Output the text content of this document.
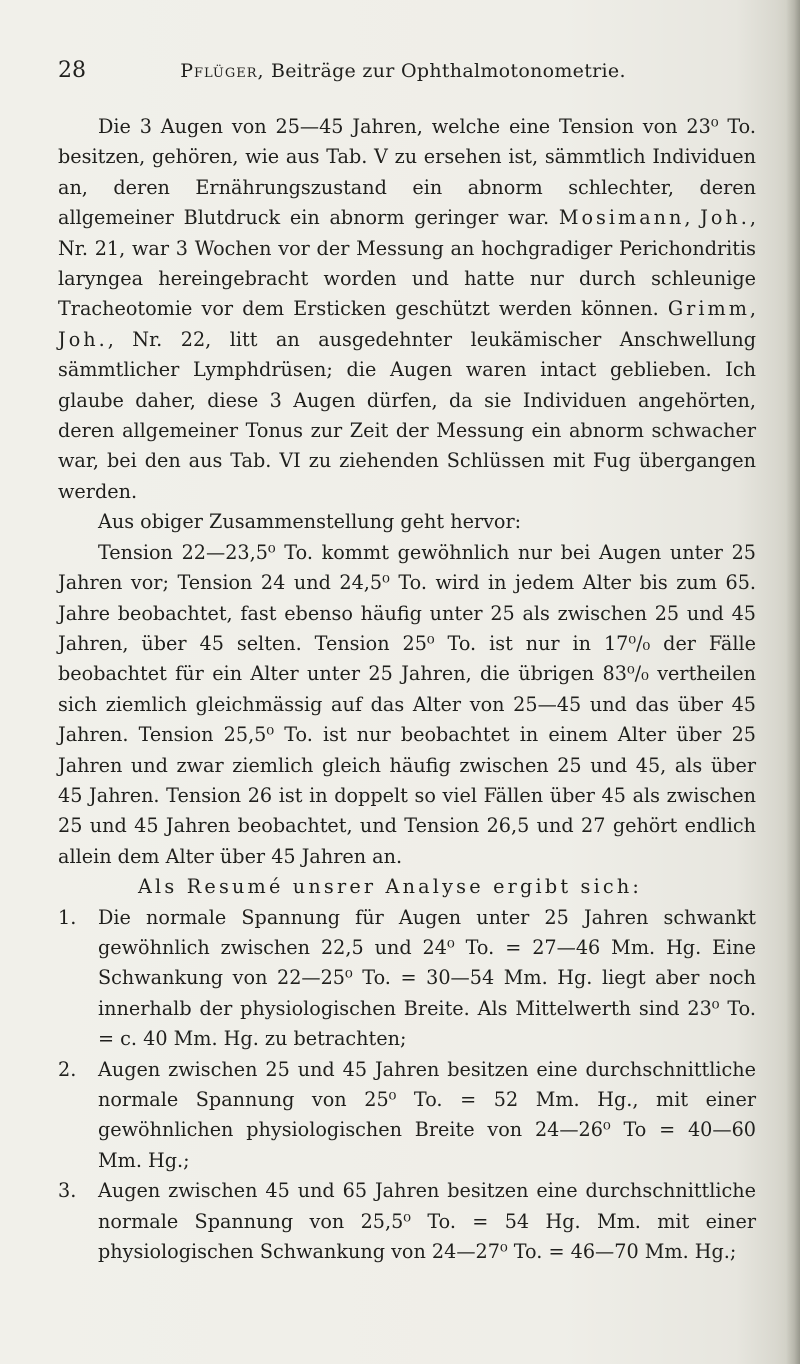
28	Pflüger, Beiträge zur Ophthalmotonometrie.

Die 3 Augen von 25—45 Jahren, welche eine Tension von 23⁰ To. besitzen, gehören, wie aus Tab. V zu ersehen ist, sämmtlich Individuen an, deren Ernährungszustand ein abnorm schlechter, deren allgemeiner Blutdruck ein abnorm geringer war. Mosimann, Joh., Nr. 21, war 3 Wochen vor der Messung an hochgradiger Perichondritis laryngea hereingebracht worden und hatte nur durch schleunige Tracheotomie vor dem Ersticken geschützt werden können. Grimm, Joh., Nr. 22, litt an ausgedehnter leukämischer Anschwellung sämmtlicher Lymphdrüsen; die Augen waren intact geblieben. Ich glaube daher, diese 3 Augen dürfen, da sie Individuen angehörten, deren allgemeiner Tonus zur Zeit der Messung ein abnorm schwacher war, bei den aus Tab. VI zu ziehenden Schlüssen mit Fug übergangen werden.

Aus obiger Zusammenstellung geht hervor:

Tension 22—23,5⁰ To. kommt gewöhnlich nur bei Augen unter 25 Jahren vor; Tension 24 und 24,5⁰ To. wird in jedem Alter bis zum 65. Jahre beobachtet, fast ebenso häufig unter 25 als zwischen 25 und 45 Jahren, über 45 selten. Tension 25⁰ To. ist nur in 17⁰/₀ der Fälle beobachtet für ein Alter unter 25 Jahren, die übrigen 83⁰/₀ vertheilen sich ziemlich gleichmässig auf das Alter von 25—45 und das über 45 Jahren. Tension 25,5⁰ To. ist nur beobachtet in einem Alter über 25 Jahren und zwar ziemlich gleich häufig zwischen 25 und 45, als über 45 Jahren. Tension 26 ist in doppelt so viel Fällen über 45 als zwischen 25 und 45 Jahren beobachtet, und Tension 26,5 und 27 gehört endlich allein dem Alter über 45 Jahren an.

Als Resumé unsrer Analyse ergibt sich:

1. Die normale Spannung für Augen unter 25 Jahren schwankt gewöhnlich zwischen 22,5 und 24⁰ To. = 27—46 Mm. Hg. Eine Schwankung von 22—25⁰ To. = 30—54 Mm. Hg. liegt aber noch innerhalb der physiologischen Breite. Als Mittelwerth sind 23⁰ To. = c. 40 Mm. Hg. zu betrachten;
2. Augen zwischen 25 und 45 Jahren besitzen eine durchschnittliche normale Spannung von 25⁰ To. = 52 Mm. Hg., mit einer gewöhnlichen physiologischen Breite von 24—26⁰ To = 40—60 Mm. Hg.;
3. Augen zwischen 45 und 65 Jahren besitzen eine durchschnittliche normale Spannung von 25,5⁰ To. = 54 Hg. Mm. mit einer physiologischen Schwankung von 24—27⁰ To. = 46—70 Mm. Hg.;
